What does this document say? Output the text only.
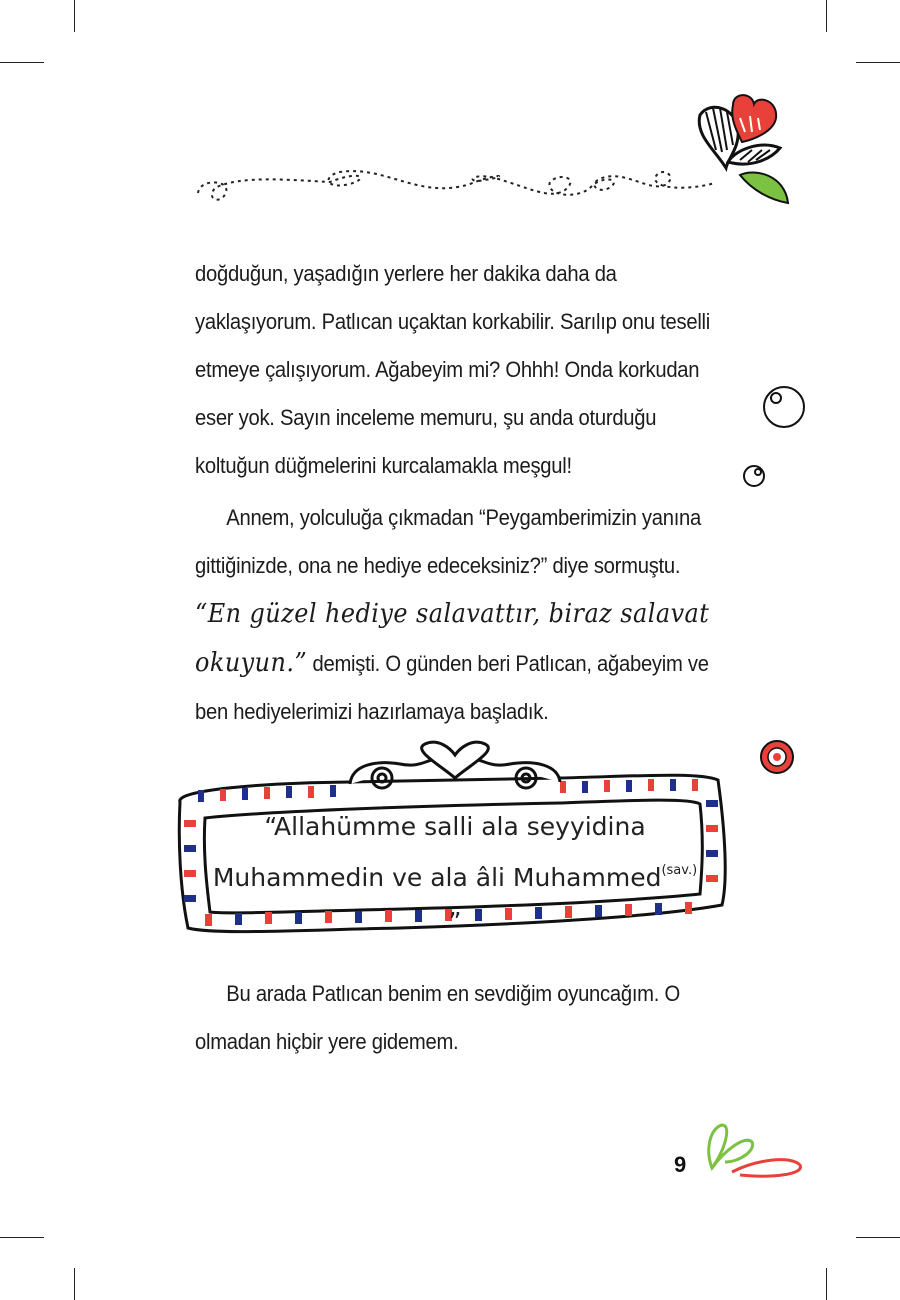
doğduğun, yaşadığın yerlere her dakika daha da yaklaşıyorum. Patlıcan uçaktan korkabilir. Sarılıp onu teselli etmeye çalışıyorum. Ağabeyim mi? Ohhh! Onda korkudan eser yok. Sayın inceleme memuru, şu anda oturduğu koltuğun düğmelerini kurcalamakla meşgul!

Annem, yolculuğa çıkmadan “Peygamberimizin yanına gittiğinizde, ona ne hediye edeceksiniz?” diye sormuştu. “En güzel hediye salavattır, biraz salavat okuyun.” demişti. O günden beri Patlıcan, ağabeyim ve ben hediyelerimizi hazırlamaya başladık.

“Allahümme salli ala seyyidina
Muhammedin ve ala âli Muhammed$^{(sav.)}$ ”

Bu arada Patlıcan benim en sevdiğim oyuncağım. O olmadan hiçbir yere gidemem.

9
